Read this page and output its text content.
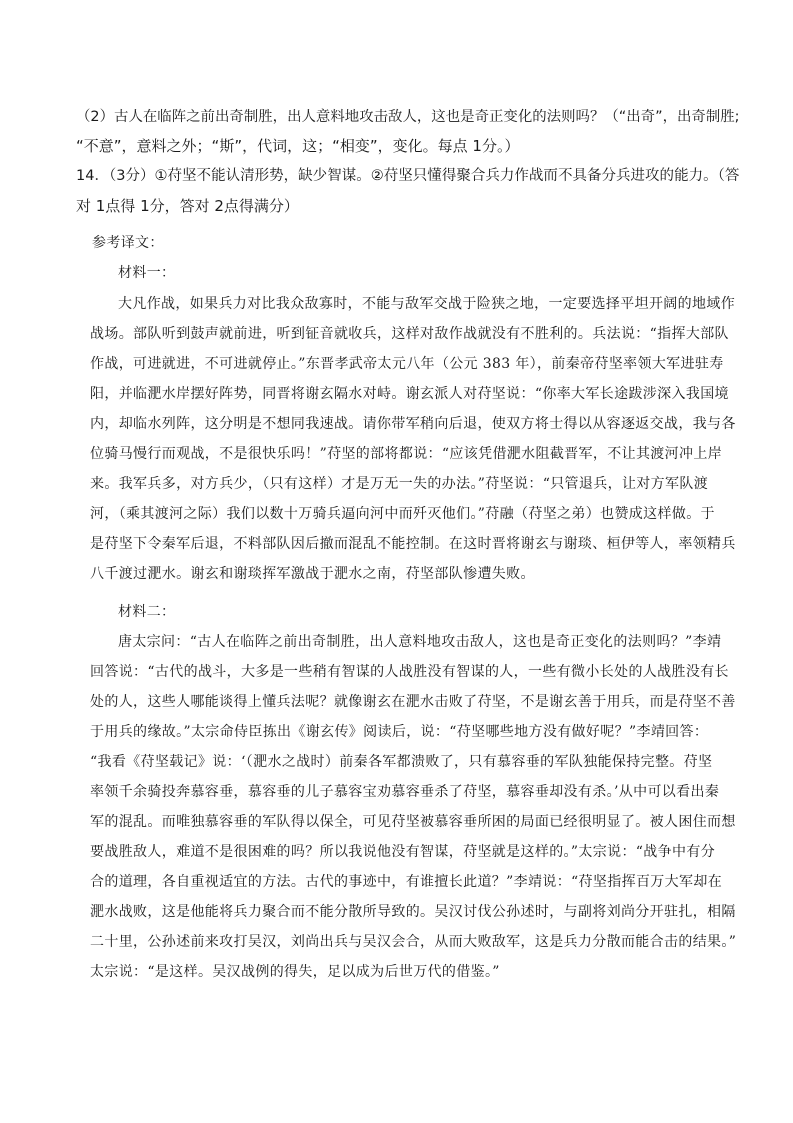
（2）古人在临阵之前出奇制胜，出人意料地攻击敌人，这也是奇正变化的法则吗？（“出奇”，出奇制胜;
“不意”，意料之外；“斯”，代词，这；“相变”，变化。每点 1分。）
14．（3分）①苻坚不能认清形势，缺少智谋。②苻坚只懂得聚合兵力作战而不具备分兵进攻的能力。（答
对 1点得 1分，答对 2点得满分）
参考译文：
材料一：
大凡作战，如果兵力对比我众敌寡时，不能与敌军交战于险狭之地，一定要选择平坦开阔的地域作
战场。部队听到鼓声就前进，听到钲音就收兵，这样对敌作战就没有不胜利的。兵法说：“指挥大部队
作战，可进就进，不可进就停止。”东晋孝武帝太元八年（公元 383 年），前秦帝苻坚率领大军进驻寿
阳，并临淝水岸摆好阵势，同晋将谢玄隔水对峙。谢玄派人对苻坚说：“你率大军长途跋涉深入我国境
内，却临水列阵，这分明是不想同我速战。请你带军稍向后退，使双方将士得以从容逐返交战，我与各
位骑马慢行而观战，不是很快乐吗！”苻坚的部将都说：“应该凭借淝水阻截晋军，不让其渡河冲上岸
来。我军兵多，对方兵少，（只有这样）才是万无一失的办法。”苻坚说：“只管退兵，让对方军队渡
河，（乘其渡河之际）我们以数十万骑兵逼向河中而歼灭他们。”苻融（苻坚之弟）也赞成这样做。于
是苻坚下令秦军后退，不料部队因后撤而混乱不能控制。在这时晋将谢玄与谢琰、桓伊等人，率领精兵
八千渡过淝水。谢玄和谢琰挥军激战于淝水之南，苻坚部队惨遭失败。
材料二：
唐太宗问：“古人在临阵之前出奇制胜，出人意料地攻击敌人，这也是奇正变化的法则吗？”李靖
回答说：“古代的战斗，大多是一些稍有智谋的人战胜没有智谋的人，一些有微小长处的人战胜没有长
处的人，这些人哪能谈得上懂兵法呢？就像谢玄在淝水击败了苻坚，不是谢玄善于用兵，而是苻坚不善
于用兵的缘故。”太宗命侍臣拣出《谢玄传》阅读后，说：“苻坚哪些地方没有做好呢？”李靖回答：
“我看《苻坚载记》说：‘（淝水之战时）前秦各军都溃败了，只有慕容垂的军队独能保持完整。苻坚
率领千余骑投奔慕容垂，慕容垂的儿子慕容宝劝慕容垂杀了苻坚，慕容垂却没有杀。’从中可以看出秦
军的混乱。而唯独慕容垂的军队得以保全，可见苻坚被慕容垂所困的局面已经很明显了。被人困住而想
要战胜敌人，难道不是很困难的吗？所以我说他没有智谋，苻坚就是这样的。”太宗说：“战争中有分
合的道理，各自重视适宜的方法。古代的事迹中，有谁擅长此道？”李靖说：“苻坚指挥百万大军却在
淝水战败，这是他能将兵力聚合而不能分散所导致的。吴汉讨伐公孙述时，与副将刘尚分开驻扎，相隔
二十里，公孙述前来攻打吴汉，刘尚出兵与吴汉会合，从而大败敌军，这是兵力分散而能合击的结果。”
太宗说：“是这样。吴汉战例的得失，足以成为后世万代的借鉴。”
